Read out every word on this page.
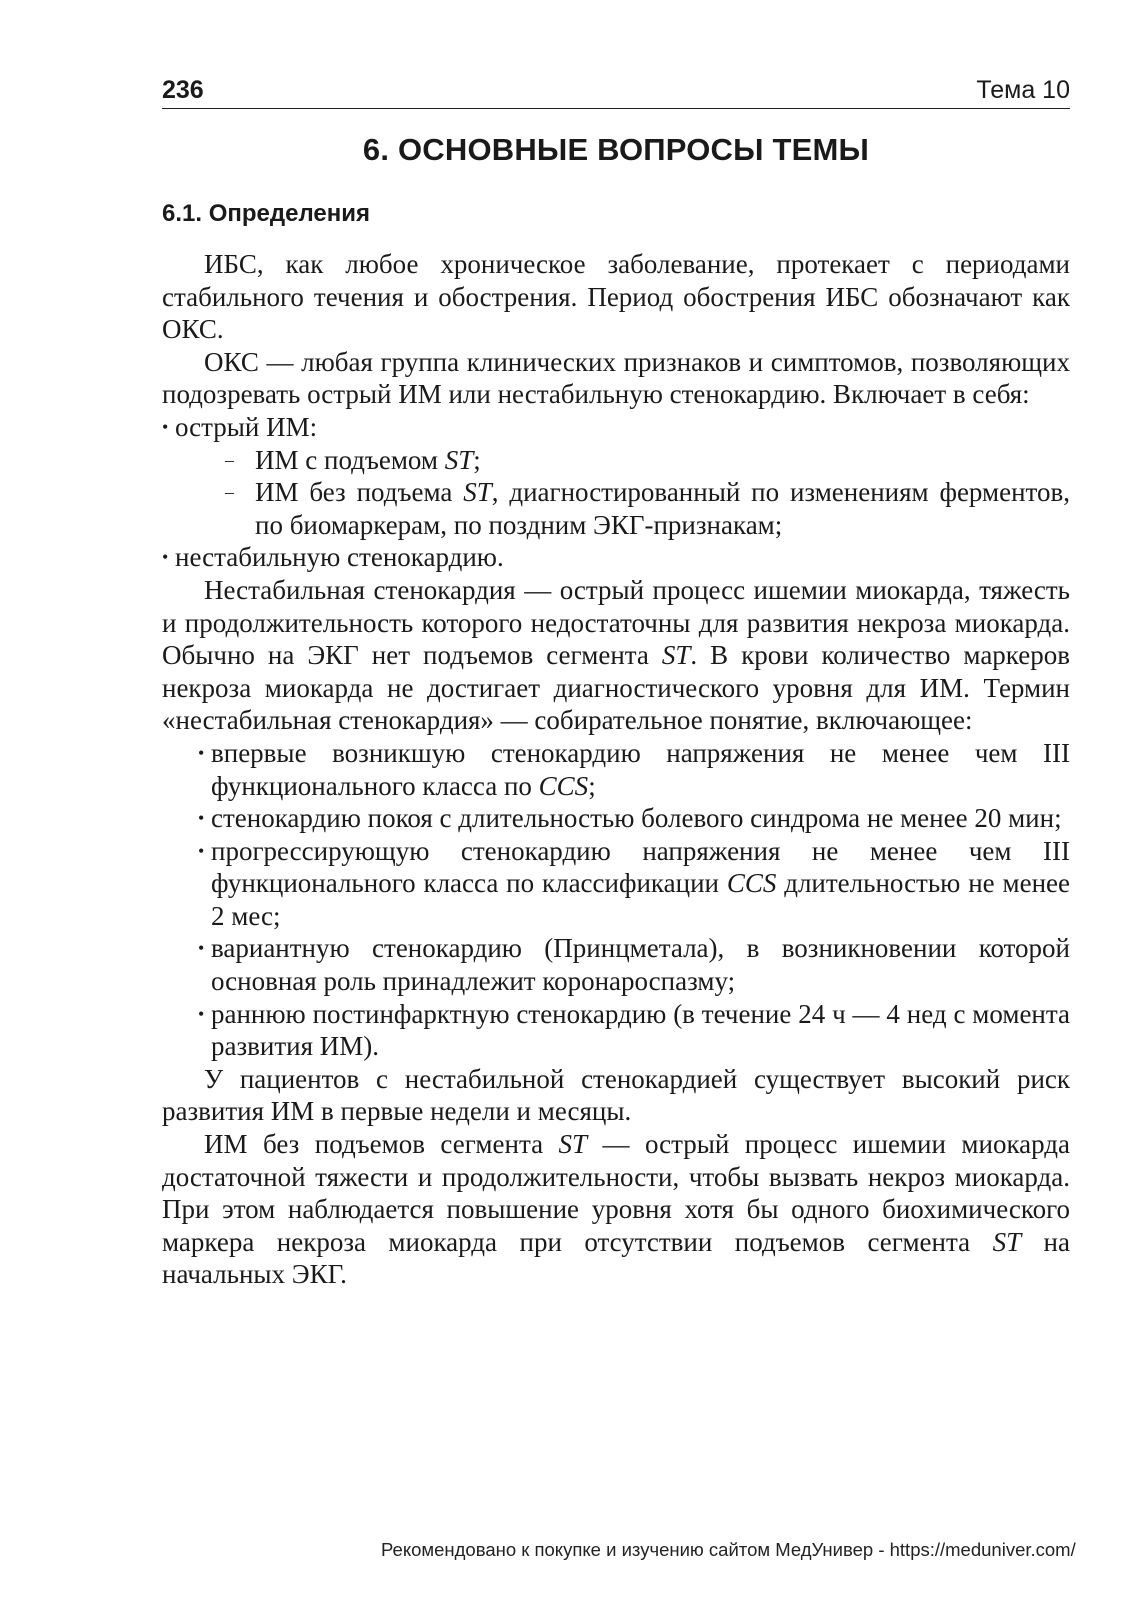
236	Тема 10
6. ОСНОВНЫЕ ВОПРОСЫ ТЕМЫ
6.1. Определения

ИБС, как любое хроническое заболевание, протекает с периодами стабильного течения и обострения. Период обострения ИБС обозначают как ОКС.

ОКС — любая группа клинических признаков и симптомов, позволяющих подозревать острый ИМ или нестабильную стенокардию. Включает в себя:

• острый ИМ:
– ИМ с подъемом ST;
– ИМ без подъема ST, диагностированный по изменениям ферментов, по биомаркерам, по поздним ЭКГ-признакам;
• нестабильную стенокардию.

Нестабильная стенокардия — острый процесс ишемии миокарда, тяжесть и продолжительность которого недостаточны для развития некроза миокарда. Обычно на ЭКГ нет подъемов сегмента ST. В крови количество маркеров некроза миокарда не достигает диагностического уровня для ИМ. Термин «нестабильная стенокардия» — собирательное понятие, включающее:

• впервые возникшую стенокардию напряжения не менее чем III функционального класса по CCS;
• стенокардию покоя с длительностью болевого синдрома не менее 20 мин;
• прогрессирующую стенокардию напряжения не менее чем III функционального класса по классификации CCS длительностью не менее 2 мес;
• вариантную стенокардию (Принцметала), в возникновении которой основная роль принадлежит коронароспазму;
• раннюю постинфарктную стенокардию (в течение 24 ч — 4 нед с момента развития ИМ).

У пациентов с нестабильной стенокардией существует высокий риск развития ИМ в первые недели и месяцы.

ИМ без подъемов сегмента ST — острый процесс ишемии миокарда достаточной тяжести и продолжительности, чтобы вызвать некроз миокарда. При этом наблюдается повышение уровня хотя бы одного биохимического маркера некроза миокарда при отсутствии подъемов сегмента ST на начальных ЭКГ.

Рекомендовано к покупке и изучению сайтом МедУнивер - https://meduniver.com/
